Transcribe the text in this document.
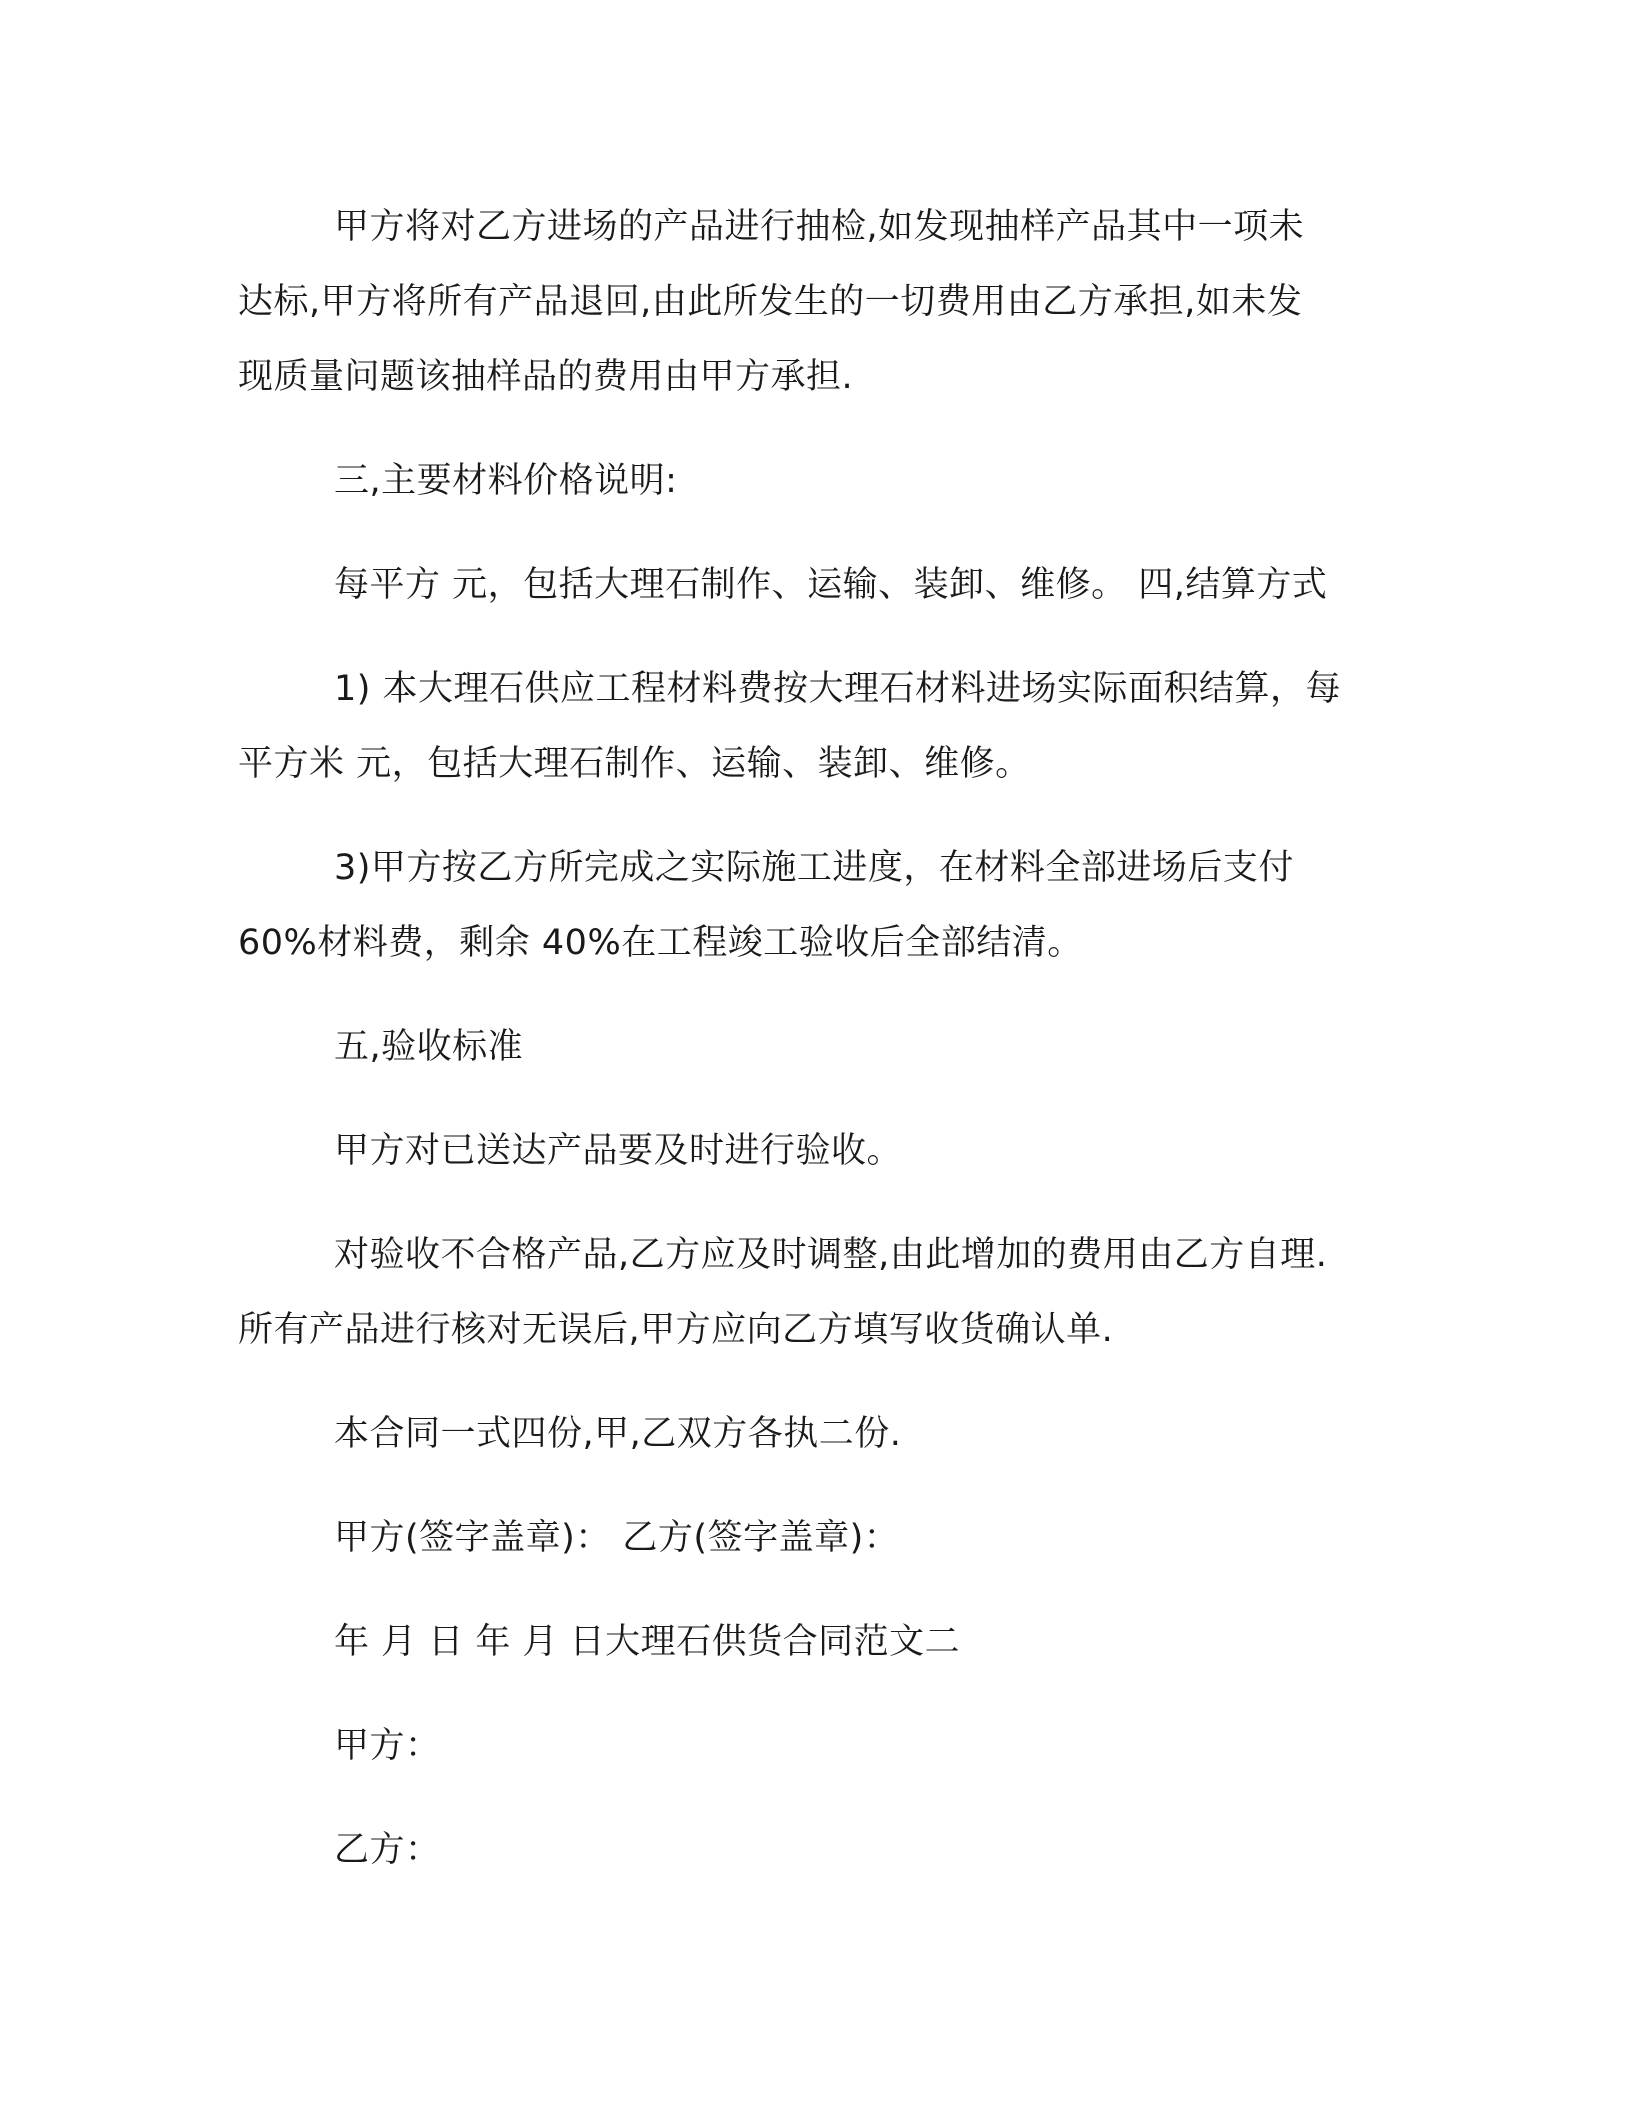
甲方将对乙方进场的产品进行抽检,如发现抽样产品其中一项未
达标,甲方将所有产品退回,由此所发生的一切费用由乙方承担,如未发
现质量问题该抽样品的费用由甲方承担.

三,主要材料价格说明:

每平方 元，包括大理石制作、运输、装卸、维修。 四,结算方式

1) 本大理石供应工程材料费按大理石材料进场实际面积结算，每
平方米 元，包括大理石制作、运输、装卸、维修。

3)甲方按乙方所完成之实际施工进度，在材料全部进场后支付
60%材料费，剩余 40%在工程竣工验收后全部结清。

五,验收标准

甲方对已送达产品要及时进行验收。

对验收不合格产品,乙方应及时调整,由此增加的费用由乙方自理.
所有产品进行核对无误后,甲方应向乙方填写收货确认单.

本合同一式四份,甲,乙双方各执二份.

甲方(签字盖章)： 乙方(签字盖章)：

年 月 日 年 月 日大理石供货合同范文二

甲方：

乙方：
